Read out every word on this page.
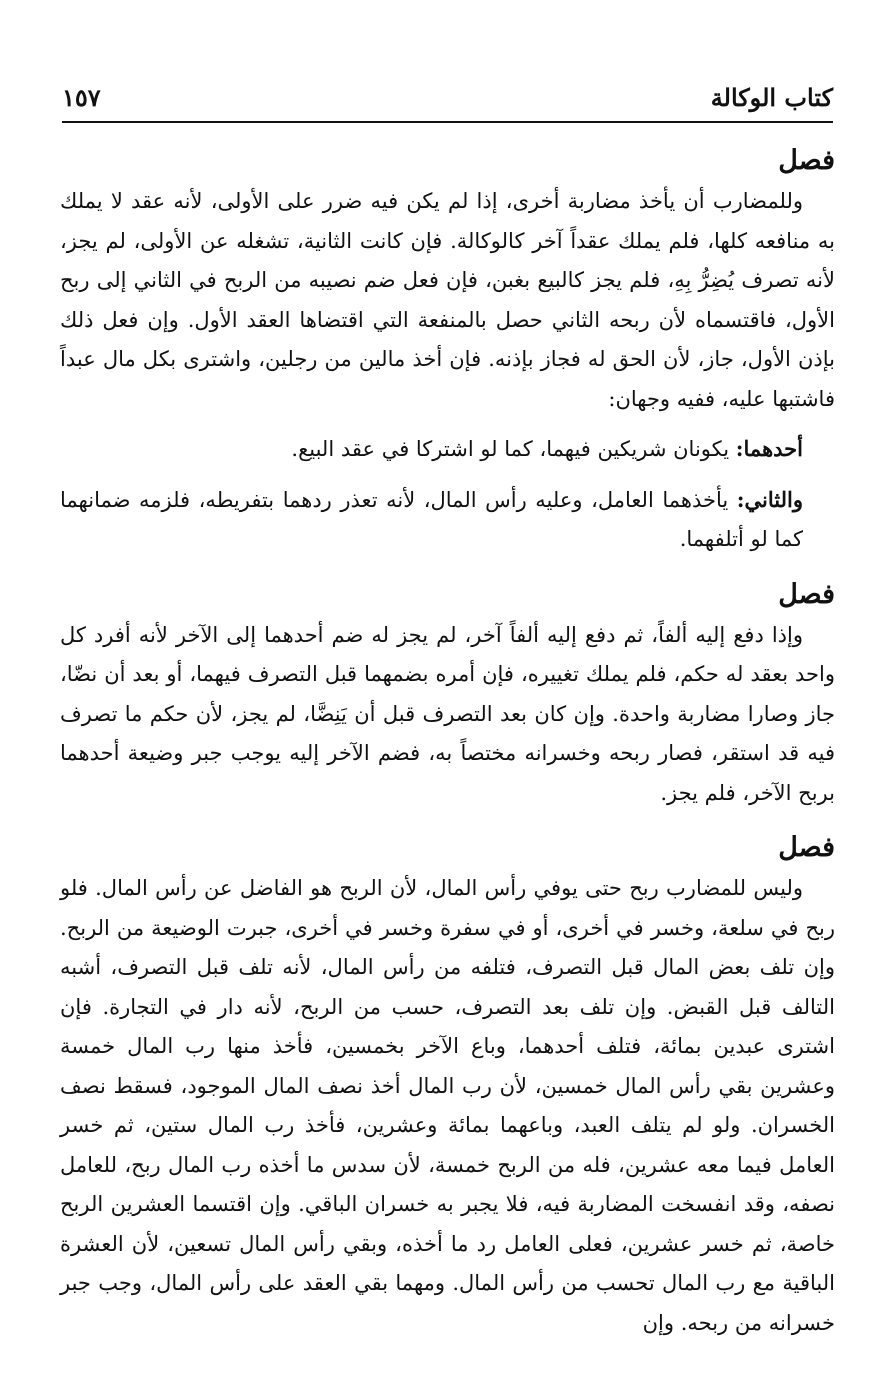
كتاب الوكالة
١٥٧
فصل

وللمضارب أن يأخذ مضاربة أخرى، إذا لم يكن فيه ضرر على الأولى، لأنه عقد لا يملك به منافعه كلها، فلم يملك عقداً آخر كالوكالة. فإن كانت الثانية، تشغله عن الأولى، لم يجز، لأنه تصرف يُضِرُّ بِهِ، فلم يجز كالبيع بغبن، فإن فعل ضم نصيبه من الربح في الثاني إلى ربح الأول، فاقتسماه لأن ربحه الثاني حصل بالمنفعة التي اقتضاها العقد الأول. وإن فعل ذلك بإذن الأول، جاز، لأن الحق له فجاز بإذنه. فإن أخذ مالين من رجلين، واشترى بكل مال عبداً فاشتبها عليه، ففيه وجهان:

أحدهما: يكونان شريكين فيهما، كما لو اشتركا في عقد البيع.

والثاني: يأخذهما العامل، وعليه رأس المال، لأنه تعذر ردهما بتفريطه، فلزمه ضمانهما كما لو أتلفهما.

فصل

وإذا دفع إليه ألفاً، ثم دفع إليه ألفاً آخر، لم يجز له ضم أحدهما إلى الآخر لأنه أفرد كل واحد بعقد له حكم، فلم يملك تغييره، فإن أمره بضمهما قبل التصرف فيهما، أو بعد أن نضّا، جاز وصارا مضاربة واحدة. وإن كان بعد التصرف قبل أن يَنِضَّا، لم يجز، لأن حكم ما تصرف فيه قد استقر، فصار ربحه وخسرانه مختصاً به، فضم الآخر إليه يوجب جبر وضيعة أحدهما بربح الآخر، فلم يجز.

فصل

وليس للمضارب ربح حتى يوفي رأس المال، لأن الربح هو الفاضل عن رأس المال. فلو ربح في سلعة، وخسر في أخرى، أو في سفرة وخسر في أخرى، جبرت الوضيعة من الربح. وإن تلف بعض المال قبل التصرف، فتلفه من رأس المال، لأنه تلف قبل التصرف، أشبه التالف قبل القبض. وإن تلف بعد التصرف، حسب من الربح، لأنه دار في التجارة. فإن اشترى عبدين بمائة، فتلف أحدهما، وباع الآخر بخمسين، فأخذ منها رب المال خمسة وعشرين بقي رأس المال خمسين، لأن رب المال أخذ نصف المال الموجود، فسقط نصف الخسران. ولو لم يتلف العبد، وباعهما بمائة وعشرين، فأخذ رب المال ستين، ثم خسر العامل فيما معه عشرين، فله من الربح خمسة، لأن سدس ما أخذه رب المال ربح، للعامل نصفه، وقد انفسخت المضاربة فيه، فلا يجبر به خسران الباقي. وإن اقتسما العشرين الربح خاصة، ثم خسر عشرين، فعلى العامل رد ما أخذه، وبقي رأس المال تسعين، لأن العشرة الباقية مع رب المال تحسب من رأس المال. ومهما بقي العقد على رأس المال، وجب جبر خسرانه من ربحه. وإن
